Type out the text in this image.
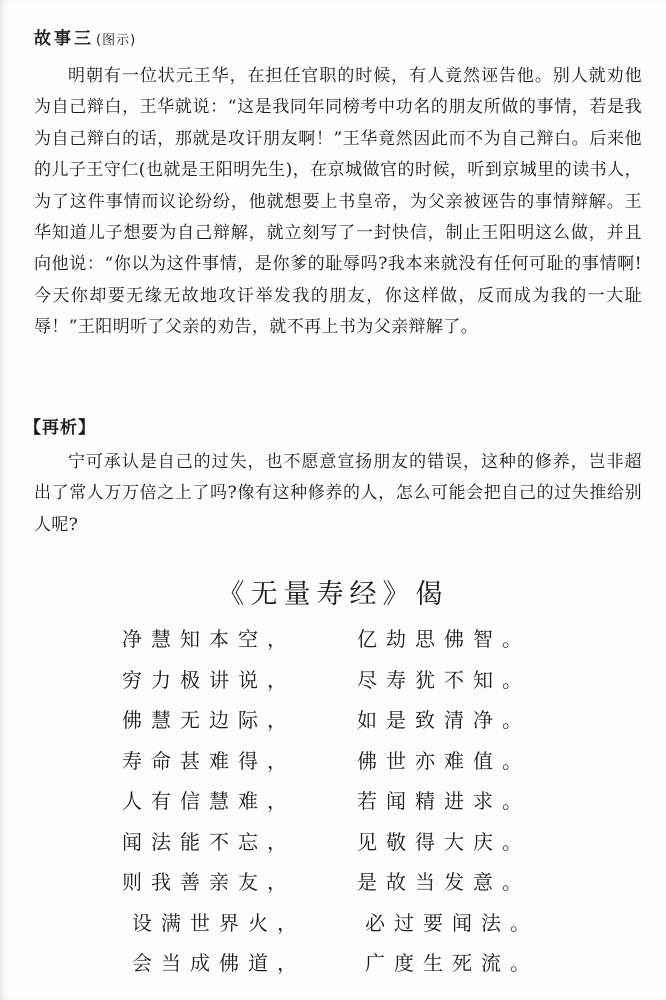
故事三 (图示)

明朝有一位状元王华，在担任官职的时候，有人竟然诬告他。别人就劝他为自己辩白，王华就说：“这是我同年同榜考中功名的朋友所做的事情，若是我为自己辩白的话，那就是攻讦朋友啊！”王华竟然因此而不为自己辩白。后来他的儿子王守仁(也就是王阳明先生)，在京城做官的时候，听到京城里的读书人，为了这件事情而议论纷纷，他就想要上书皇帝，为父亲被诬告的事情辩解。王华知道儿子想要为自己辩解，就立刻写了一封快信，制止王阳明这么做，并且向他说：“你以为这件事情，是你爹的耻辱吗?我本来就没有任何可耻的事情啊!今天你却要无缘无故地攻讦举发我的朋友，你这样做，反而成为我的一大耻辱！”王阳明听了父亲的劝告，就不再上书为父亲辩解了。

【再析】

宁可承认是自己的过失，也不愿意宣扬朋友的错误，这种的修养，岂非超出了常人万万倍之上了吗?像有这种修养的人，怎么可能会把自己的过失推给别人呢?

《无量寿经》偈
净慧知本空，	亿劫思佛智。
穷力极讲说，	尽寿犹不知。
佛慧无边际，	如是致清净。
寿命甚难得，	佛世亦难值。
人有信慧难，	若闻精进求。
闻法能不忘，	见敬得大庆。
则我善亲友，	是故当发意。
设满世界火，	必过要闻法。
会当成佛道，	广度生死流。
